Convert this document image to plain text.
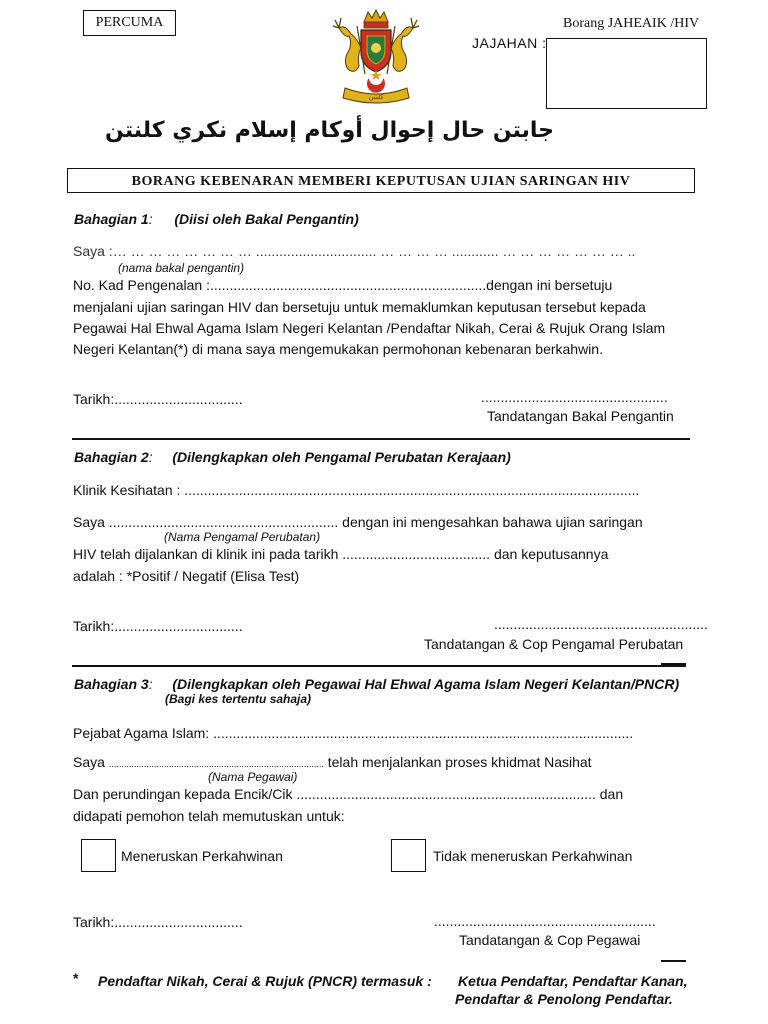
PERCUMA	Borang JAHEAIK /HIV
JAJAHAN :
كلنتن
جابتن حال إحوال أوكام إسلام نكري كلنتن
BORANG KEBENARAN MEMBERI KEPUTUSAN UJIAN SARINGAN HIV
Bahagian 1: (Diisi oleh Bakal Pengantin)
Saya :… … … … … … … … ............................... … … … … ............ … … … … … … … ..
(nama bakal pengantin)
No. Kad Pengenalan :.......................................................................dengan ini bersetuju
menjalani ujian saringan HIV dan bersetuju untuk memaklumkan keputusan tersebut kepada
Pegawai Hal Ehwal Agama Islam Negeri Kelantan /Pendaftar Nikah, Cerai & Rujuk Orang Islam
Negeri Kelantan(*) di mana saya mengemukakan permohonan kebenaran berkahwin.
Tarikh:.................................	................................................
Tandatangan Bakal Pengantin
Bahagian 2: (Dilengkapkan oleh Pengamal Perubatan Kerajaan)
Klinik Kesihatan : .....................................................................................................................
Saya ........................................................... dengan ini mengesahkan bahawa ujian saringan
(Nama Pengamal Perubatan)
HIV telah dijalankan di klinik ini pada tarikh ...................................... dan keputusannya
adalah : *Positif / Negatif (Elisa Test)
Tarikh:.................................	.......................................................
Tandatangan & Cop Pengamal Perubatan
Bahagian 3: (Dilengkapkan oleh Pegawai Hal Ehwal Agama Islam Negeri Kelantan/PNCR)
(Bagi kes tertentu sahaja)
Pejabat Agama Islam: ............................................................................................................
Saya ...................................................................................... telah menjalankan proses khidmat Nasihat
(Nama Pegawai)
Dan perundingan kepada Encik/Cik ............................................................................. dan
didapati pemohon telah memutuskan untuk:
Meneruskan Perkahwinan	Tidak meneruskan Perkahwinan
Tarikh:.................................	.........................................................
Tandatangan & Cop Pegawai
* Pendaftar Nikah, Cerai & Rujuk (PNCR) termasuk : Ketua Pendaftar, Pendaftar Kanan,
Pendaftar & Penolong Pendaftar.
